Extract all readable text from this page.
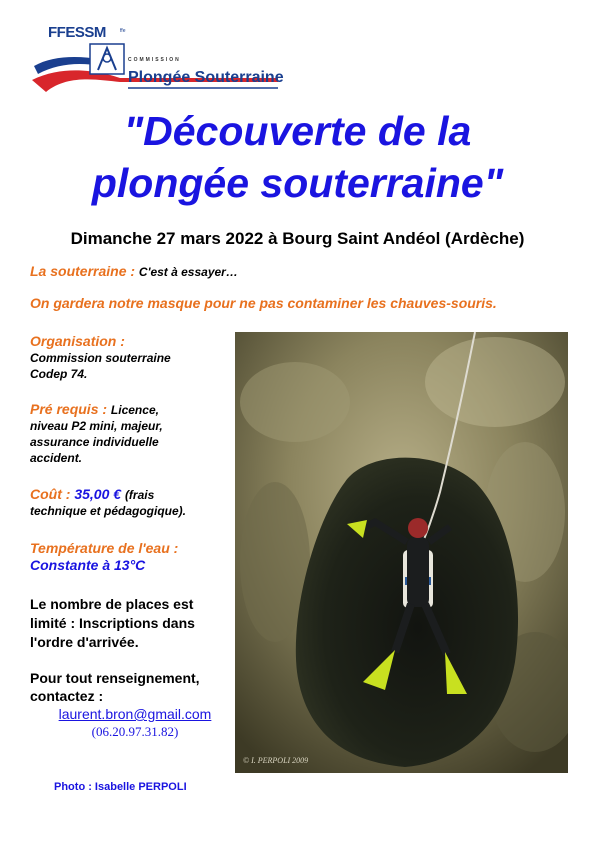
FFESSM	ffe
COMMISSION
Plongée Souterraine
"Découverte de la
plongée souterraine"
Dimanche 27 mars 2022 à Bourg Saint Andéol (Ardèche)
La souterraine : C'est à essayer…
On gardera notre masque pour ne pas contaminer les chauves-souris.
Organisation :
Commission souterraine
Codep 74.
Pré requis : Licence,
niveau P2 mini, majeur,
assurance individuelle
accident.
Coût : 35,00 € (frais
technique et pédagogique).
Température de l'eau :
Constante à 13°C
Le nombre de places est
limité : Inscriptions dans
l'ordre d'arrivée.
Pour tout renseignement,
contactez :
laurent.bron@gmail.com
(06.20.97.31.82)
Photo : Isabelle PERPOLI
© I. PERPOLI 2009
